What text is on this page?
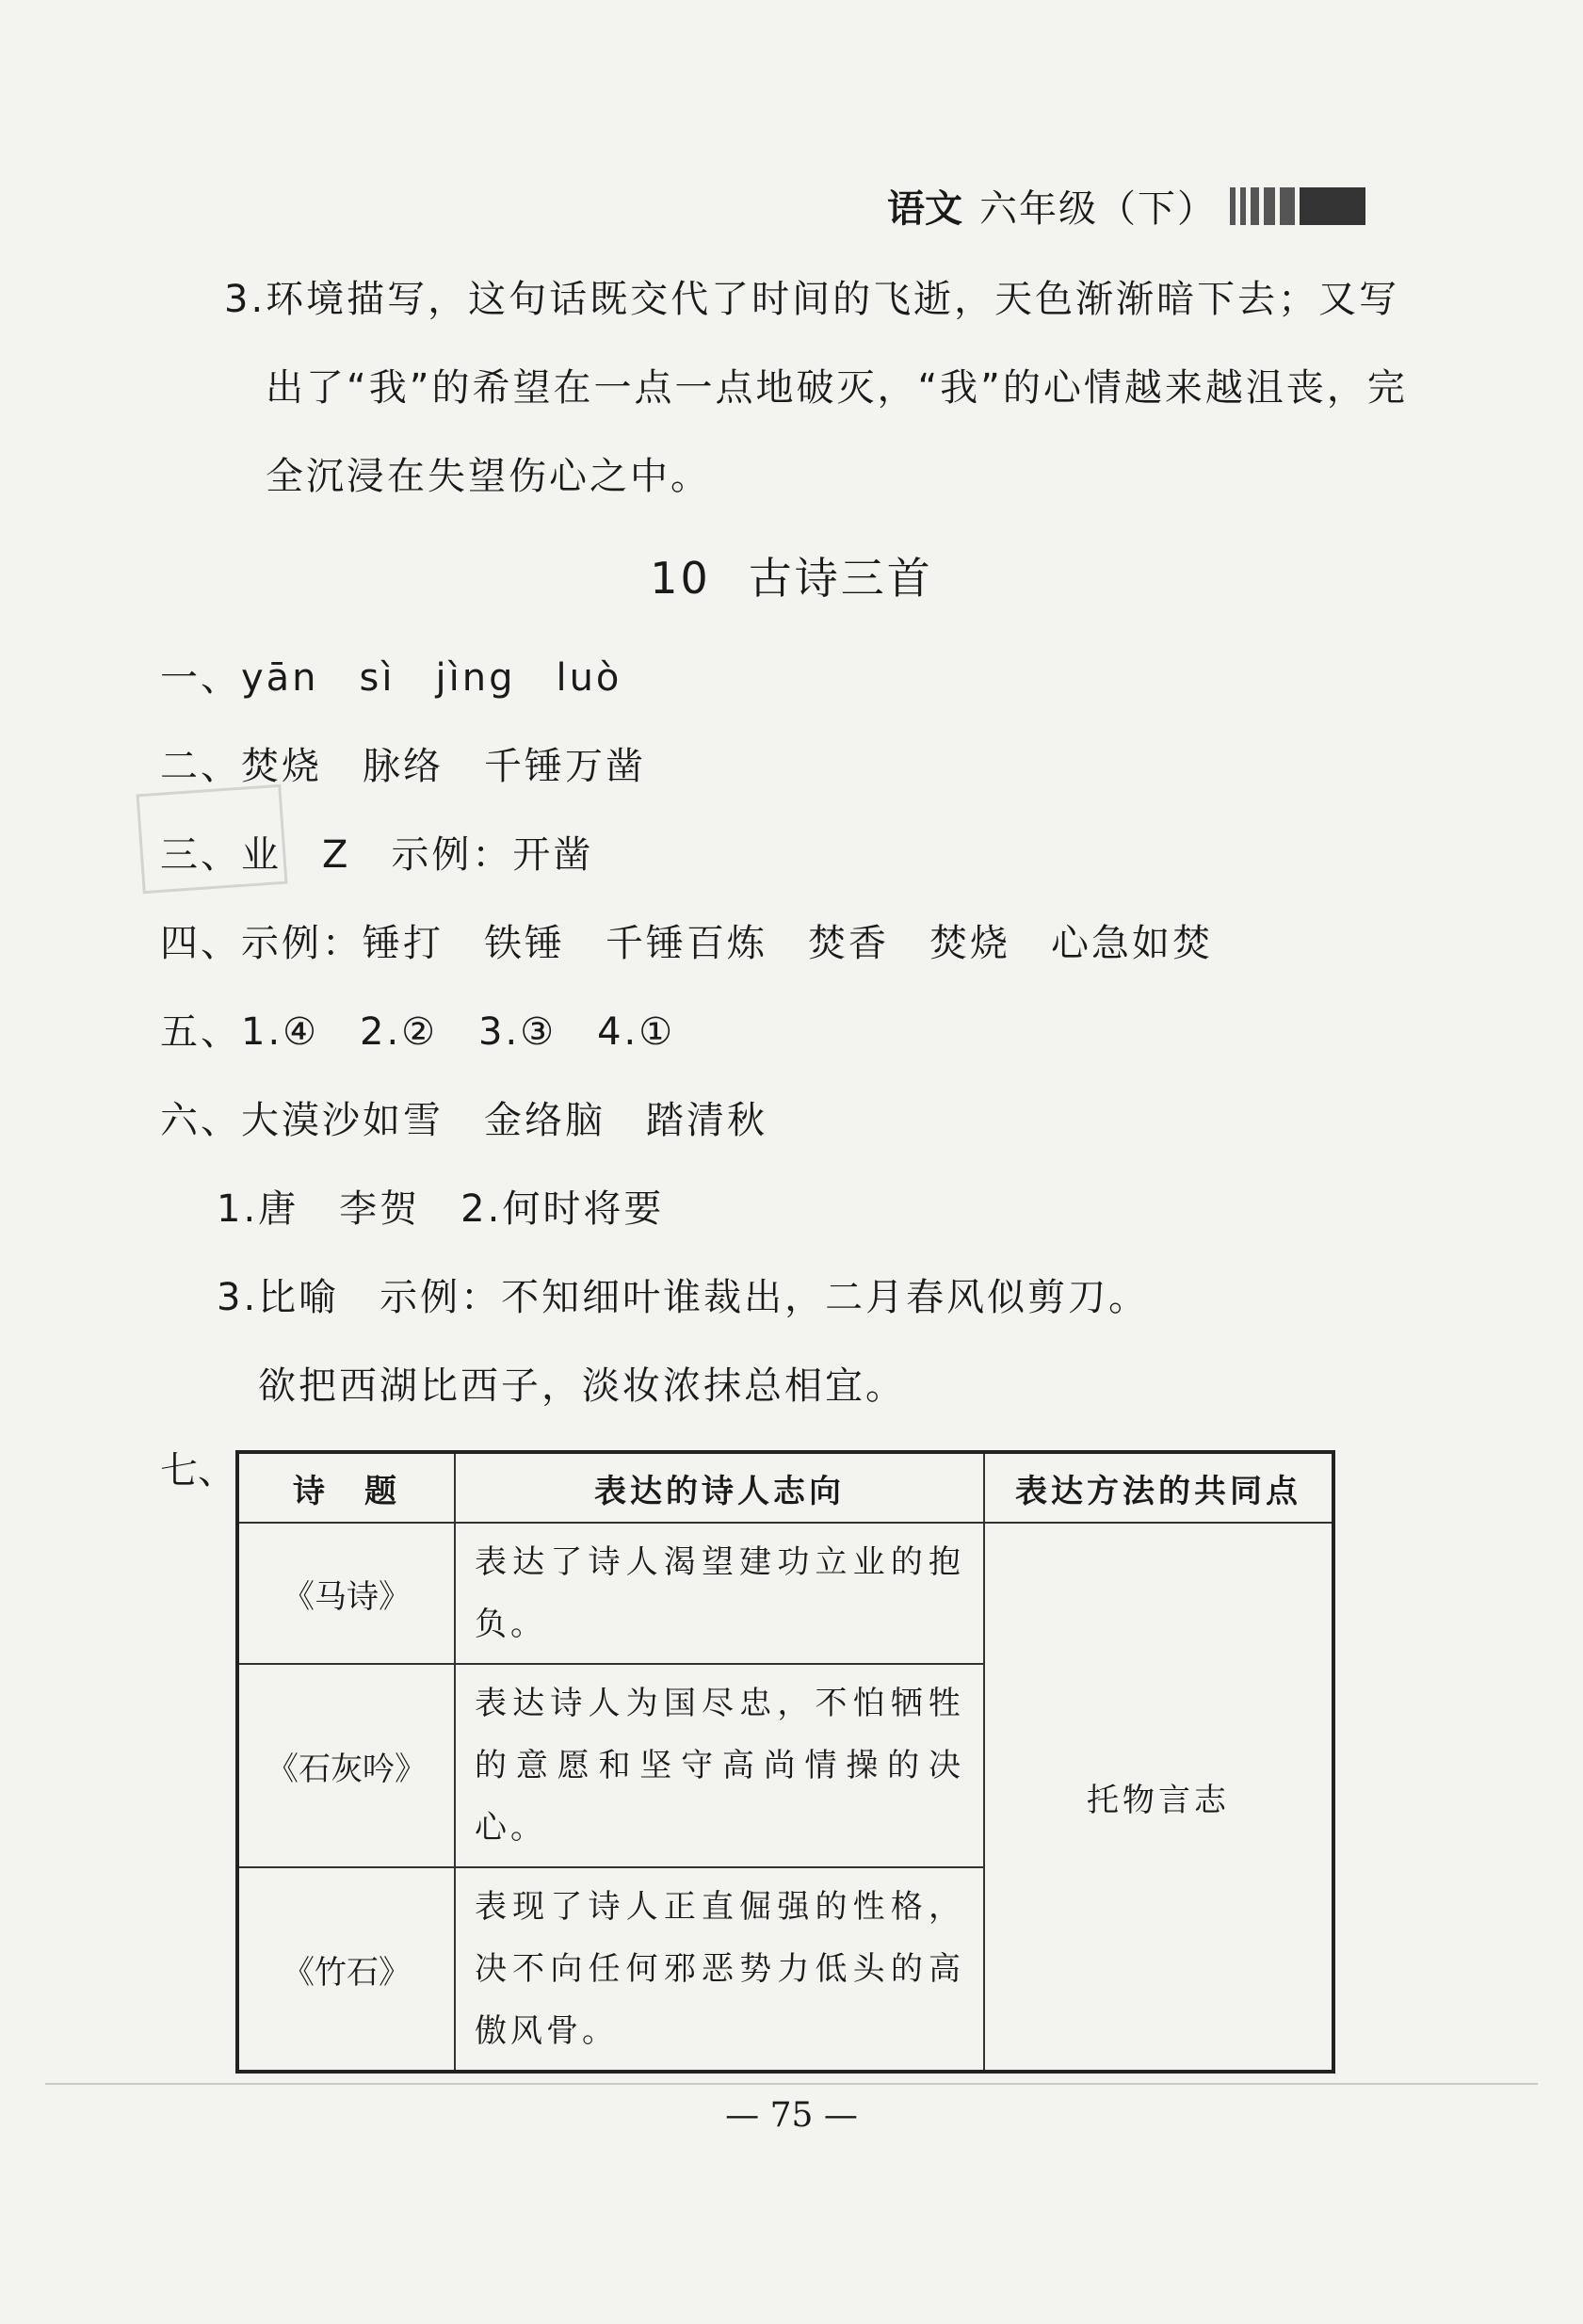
语文 六年级（下）
3.环境描写，这句话既交代了时间的飞逝，天色渐渐暗下去；又写
出了“我”的希望在一点一点地破灭，“我”的心情越来越沮丧，完
全沉浸在失望伤心之中。
10 古诗三首
一、yān　sì　jìng　luò
二、焚烧　脉络　千锤万凿
三、业　Z　示例：开凿
四、示例：锤打　铁锤　千锤百炼　焚香　焚烧　心急如焚
五、1.④　2.②　3.③　4.①
六、大漠沙如雪　金络脑　踏清秋
1.唐　李贺　2.何时将要
3.比喻　示例：不知细叶谁裁出，二月春风似剪刀。
欲把西湖比西子，淡妆浓抹总相宜。
七、 诗　题	表达的诗人志向	表达方法的共同点
《马诗》	表达了诗人渴望建功立业的抱负。	托物言志
《石灰吟》	表达诗人为国尽忠，不怕牺牲的意愿和坚守高尚情操的决心。	
《竹石》	表现了诗人正直倔强的性格，决不向任何邪恶势力低头的高傲风骨。	
— 75 —
